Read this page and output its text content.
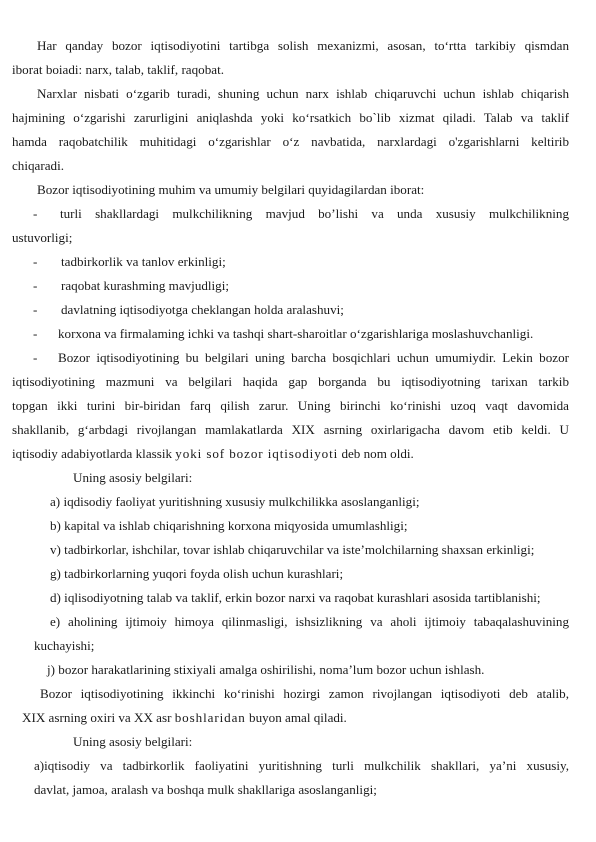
Har qanday bozor iqtisodiyotini tartibga solish mexanizmi, asosan, to‘rtta tarkibiy qismdan
iborat boiadi: narx, talab, taklif, raqobat.
Narxlar nisbati o‘zgarib turadi, shuning uchun narx ishlab chiqaruvchi uchun ishlab chiqarish
hajmining o‘zgarishi zarurligini aniqlashda yoki ko‘rsatkich bo`lib xizmat qiladi. Talab va taklif
hamda raqobatchilik muhitidagi o‘zgarishlar o‘z navbatida, narxlardagi o'zgarishlarni keltirib
chiqaradi.
Bozor iqtisodiyotining muhim va umumiy belgilari quyidagilardan iborat:
- turli shakllardagi mulkchilikning mavjud bo’lishi va unda xususiy mulkchilikning
ustuvorligi;
- tadbirkorlik va tanlov erkinligi;
- raqobat kurashming mavjudligi;
- davlatning iqtisodiyotga cheklangan holda aralashuvi;
- korxona va firmalaming ichki va tashqi shart-sharoitlar o‘zgarishlariga moslashuvchanligi.
- Bozor iqtisodiyotining bu belgilari uning barcha bosqichlari uchun umumiydir. Lekin bozor
iqtisodiyotining mazmuni va belgilari haqida gap borganda bu iqtisodiyotning tarixan tarkib
topgan ikki turini bir-biridan farq qilish zarur. Uning birinchi ko‘rinishi uzoq vaqt davomida
shakllanib, g‘arbdagi rivojlangan mamlakatlarda XIX asrning oxirlarigacha davom etib keldi. U
iqtisodiy adabiyotlarda klassik yoki sof bozor iqtisodiyoti deb nom oldi.
Uning asosiy belgilari:
a) iqdisodiy faoliyat yuritishning xususiy mulkchilikka asoslanganligi;
b) kapital va ishlab chiqarishning korxona miqyosida umumlashligi;
v) tadbirkorlar, ishchilar, tovar ishlab chiqaruvchilar va iste’molchilarning shaxsan erkinligi;
g) tadbirkorlarning yuqori foyda olish uchun kurashlari;
d) iqlisodiyotning talab va taklif, erkin bozor narxi va raqobat kurashlari asosida tartiblanishi;
e) aholining ijtimoiy himoya qilinmasligi, ishsizlikning va aholi ijtimoiy tabaqalashuvining
kuchayishi;
j) bozor harakatlarining stixiyali amalga oshirilishi, noma’lum bozor uchun ishlash.
Bozor iqtisodiyotining ikkinchi ko‘rinishi hozirgi zamon rivojlangan iqtisodiyoti deb atalib,
XIX asrning oxiri va XX asr boshlaridan buyon amal qiladi.
Uning asosiy belgilari:
a)iqtisodiy va tadbirkorlik faoliyatini yuritishning turli mulkchilik shakllari, ya’ni xususiy,
davlat, jamoa, aralash va boshqa mulk shakllariga asoslanganligi;
